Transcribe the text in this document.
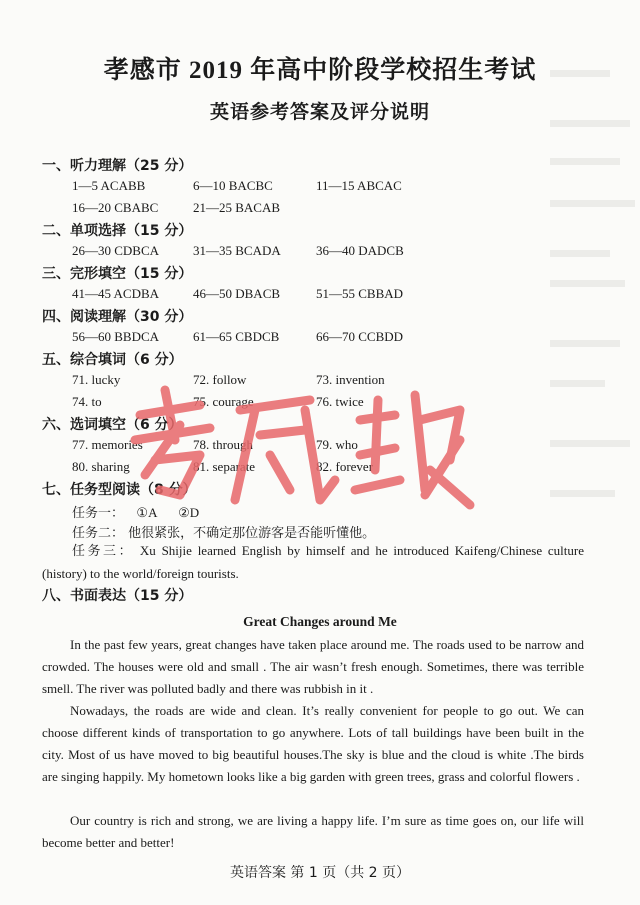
孝感市 2019 年高中阶段学校招生考试
英语参考答案及评分说明
一、听力理解（25 分）
1—5 ACABB	6—10 BACBC	11—15 ABCAC
16—20 CBABC	21—25 BACAB
二、单项选择（15 分）
26—30 CDBCA	31—35 BCADA	36—40 DADCB
三、完形填空（15 分）
41—45 ACDBA	46—50 DBACB	51—55 CBBAD
四、阅读理解（30 分）
56—60 BBDCA	61—65 CBDCB	66—70 CCBDD
五、综合填词（6 分）
71. lucky	72. follow	73. invention
74. to	75. courage	76. twice
六、选词填空（6 分）
77. memories	78. through	79. who
80. sharing	81. separate	82. forever
七、任务型阅读（8 分）
任务一： ①A ②D
任务二： 他很紧张，不确定那位游客是否能听懂他。
任务三： Xu Shijie learned English by himself and he introduced Kaifeng/Chinese culture (history) to the world/foreign tourists.
八、书面表达（15 分）
Great Changes around Me
In the past few years, great changes have taken place around me. The roads used to be narrow and crowded. The houses were old and small . The air wasn’t fresh enough. Sometimes, there was terrible smell. The river was polluted badly and there was rubbish in it .
Nowadays, the roads are wide and clean. It’s really convenient for people to go out. We can choose different kinds of transportation to go anywhere. Lots of tall buildings have been built in the city. Most of us have moved to big beautiful houses.The sky is blue and the cloud is white .The birds are singing happily. My hometown looks like a big garden with green trees, grass and colorful flowers .
Our country is rich and strong, we are living a happy life. I’m sure as time goes on, our life will become better and better!
英语答案 第 1 页（共 2 页）
